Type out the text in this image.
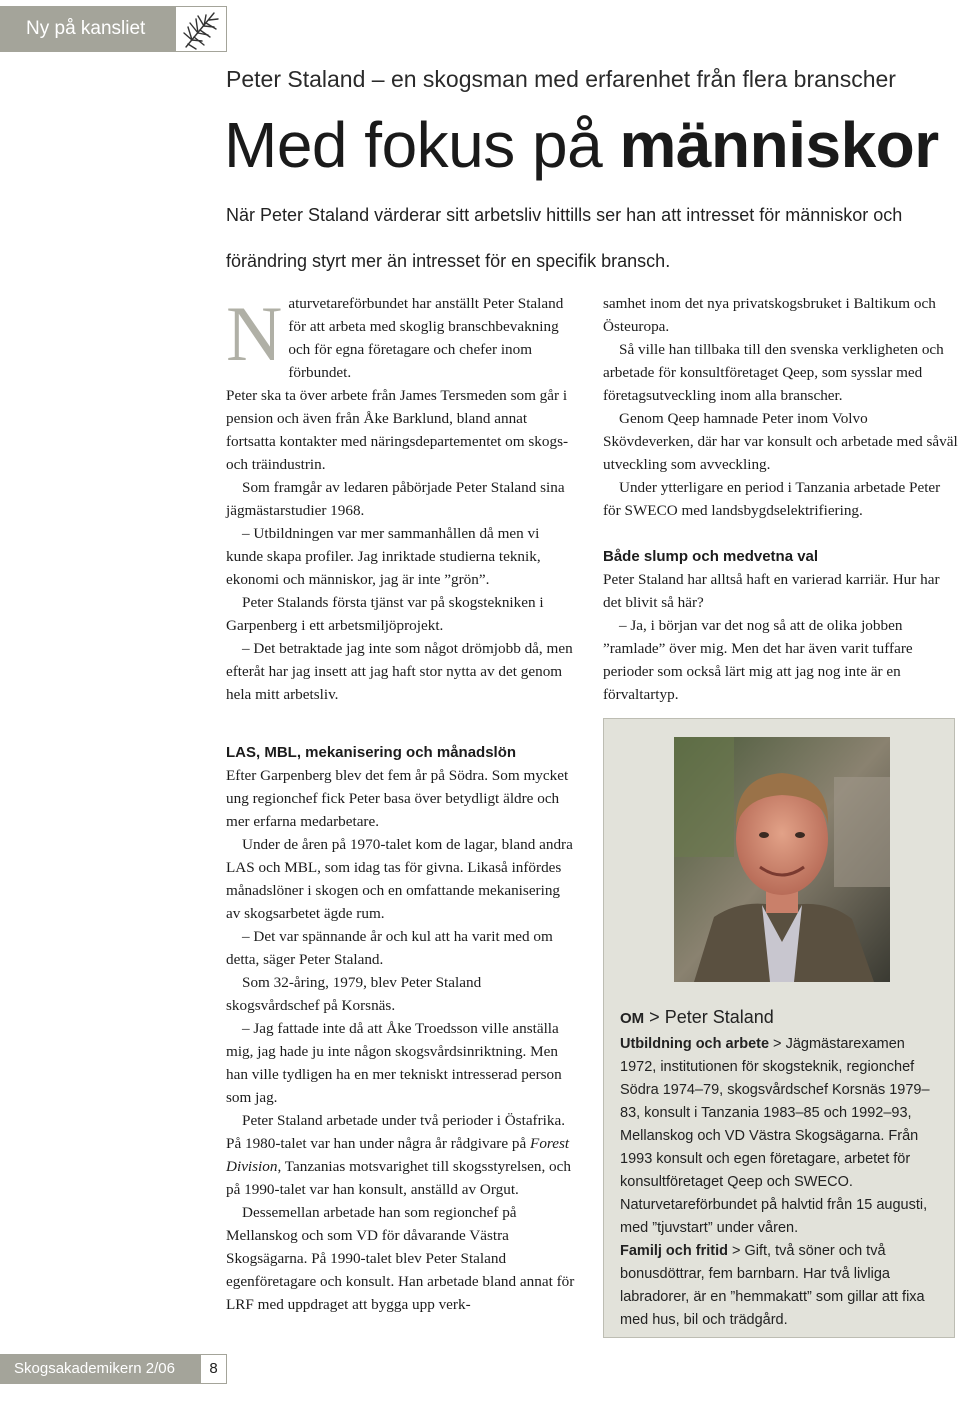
Ny på kansliet
Peter Staland – en skogsman med erfarenhet från flera branscher
Med fokus på människor
När Peter Staland värderar sitt arbetsliv hittills ser han att intresset för människor och förändring styrt mer än intresset för en specifik bransch.
N aturvetareförbundet har anställt Peter Staland för att arbeta med skoglig branschbevakning och för egna företagare och chefer inom förbundet.

Peter ska ta över arbete från James Tersmeden som går i pension och även från Åke Barklund, bland annat fortsatta kontakter med näringsdepartementet om skogs- och träindustrin.

Som framgår av ledaren påbörjade Peter Staland sina jägmästarstudier 1968.

– Utbildningen var mer sammanhållen då men vi kunde skapa profiler. Jag inriktade studierna teknik, ekonomi och människor, jag är inte ”grön”.

Peter Stalands första tjänst var på skogstekniken i Garpenberg i ett arbetsmiljöprojekt.

– Det betraktade jag inte som något drömjobb då, men efteråt har jag insett att jag haft stor nytta av det genom hela mitt arbetsliv.

LAS, MBL, mekanisering och månadslön

Efter Garpenberg blev det fem år på Södra. Som mycket ung regionchef fick Peter basa över betydligt äldre och mer erfarna medarbetare.

Under de åren på 1970-talet kom de lagar, bland andra LAS och MBL, som idag tas för givna. Likaså infördes månadslöner i skogen och en omfattande mekanisering av skogsarbetet ägde rum.

– Det var spännande år och kul att ha varit med om detta, säger Peter Staland.

Som 32-åring, 1979, blev Peter Staland skogsvårdschef på Korsnäs.

– Jag fattade inte då att Åke Troedsson ville anställa mig, jag hade ju inte någon skogsvårdsinriktning. Men han ville tydligen ha en mer tekniskt intresserad person som jag.

Peter Staland arbetade under två perioder i Östafrika. På 1980-talet var han under några år rådgivare på Forest Division, Tanzanias motsvarighet till skogsstyrelsen, och på 1990-talet var han konsult, anställd av Orgut.

Dessemellan arbetade han som regionchef på Mellanskog och som VD för dåvarande Västra Skogsägarna. På 1990-talet blev Peter Staland egenföretagare och konsult. Han arbetade bland annat för LRF med uppdraget att bygga upp verk-

samhet inom det nya privatskogsbruket i Baltikum och Östeuropa.

Så ville han tillbaka till den svenska verkligheten och arbetade för konsultföretaget Qeep, som sysslar med företagsutveckling inom alla branscher.

Genom Qeep hamnade Peter inom Volvo Skövdeverken, där har var konsult och arbetade med såväl utveckling som avveckling.

Under ytterligare en period i Tanzania arbetade Peter för SWECO med landsbygdselektrifiering.

Både slump och medvetna val

Peter Staland har alltså haft en varierad karriär. Hur har det blivit så här?

– Ja, i början var det nog så att de olika jobben ”ramlade” över mig. Men det har även varit tuffare perioder som också lärt mig att jag nog inte är en förvaltartyp.

OM > Peter Staland

Utbildning och arbete > Jägmästarexamen 1972, institutionen för skogsteknik, regionchef Södra 1974–79, skogsvårdschef Korsnäs 1979–83, konsult i Tanzania 1983–85 och 1992–93, Mellanskog och VD Västra Skogsägarna. Från 1993 konsult och egen företagare, arbetet för konsultföretaget Qeep och SWECO. Naturvetareförbundet på halvtid från 15 augusti, med ”tjuvstart” under våren.

Familj och fritid > Gift, två söner och två bonusdöttrar, fem barnbarn. Har två livliga labradorer, är en ”hemmakatt” som gillar att fixa med hus, bil och trädgård.

Skogsakademikern 2/06	8
